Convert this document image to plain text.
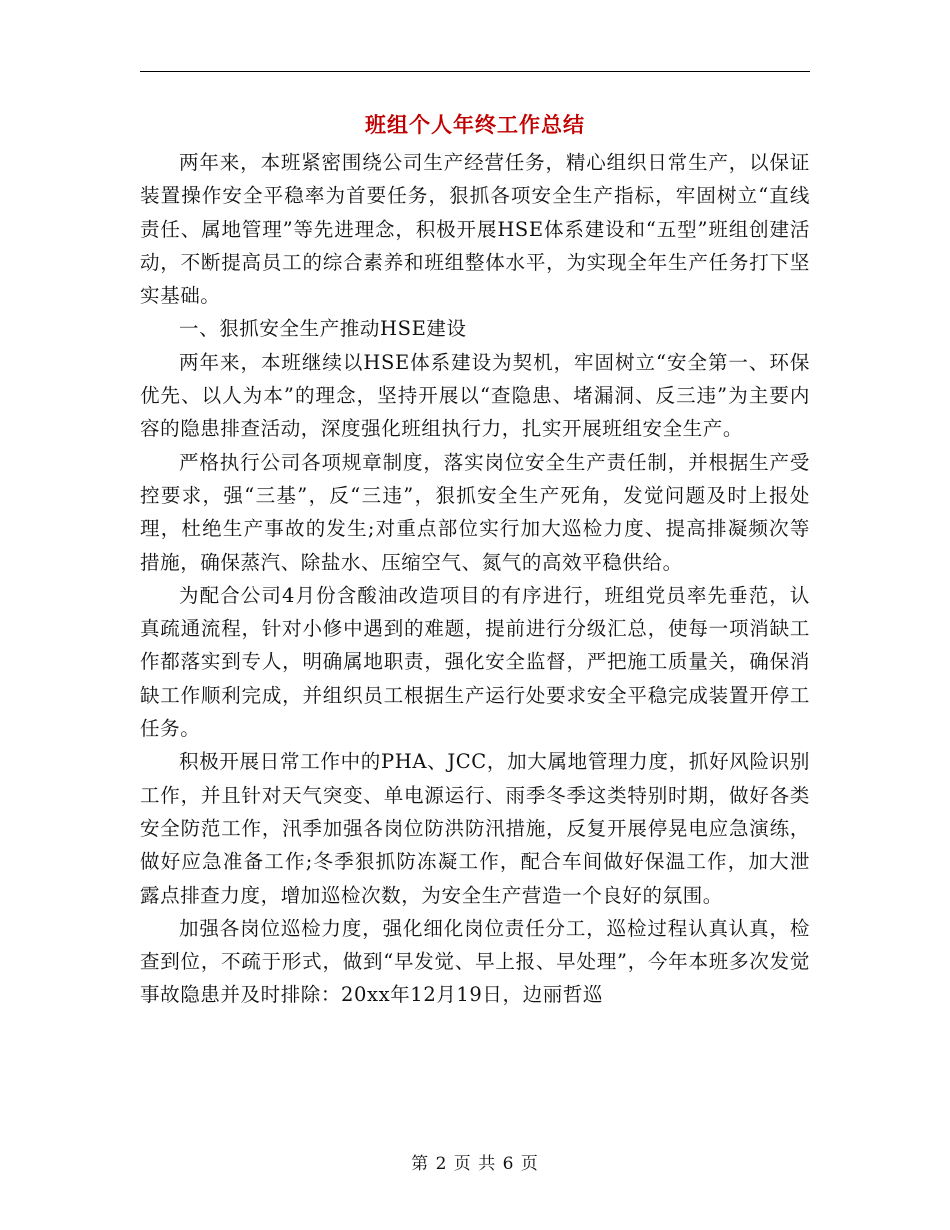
班组个人年终工作总结

两年来，本班紧密围绕公司生产经营任务，精心组织日常生产，以保证装置操作安全平稳率为首要任务，狠抓各项安全生产指标，牢固树立“直线责任、属地管理”等先进理念，积极开展HSE体系建设和“五型”班组创建活动，不断提高员工的综合素养和班组整体水平，为实现全年生产任务打下坚实基础。

一、狠抓安全生产推动HSE建设

两年来，本班继续以HSE体系建设为契机，牢固树立“安全第一、环保优先、以人为本”的理念，坚持开展以“查隐患、堵漏洞、反三违”为主要内容的隐患排查活动，深度强化班组执行力，扎实开展班组安全生产。

严格执行公司各项规章制度，落实岗位安全生产责任制，并根据生产受控要求，强“三基”，反“三违”，狠抓安全生产死角，发觉问题及时上报处理，杜绝生产事故的发生;对重点部位实行加大巡检力度、提高排凝频次等措施，确保蒸汽、除盐水、压缩空气、氮气的高效平稳供给。

为配合公司4月份含酸油改造项目的有序进行，班组党员率先垂范，认真疏通流程，针对小修中遇到的难题，提前进行分级汇总，使每一项消缺工作都落实到专人，明确属地职责，强化安全监督，严把施工质量关，确保消缺工作顺利完成，并组织员工根据生产运行处要求安全平稳完成装置开停工任务。

积极开展日常工作中的PHA、JCC，加大属地管理力度，抓好风险识别工作，并且针对天气突变、单电源运行、雨季冬季这类特别时期，做好各类安全防范工作，汛季加强各岗位防洪防汛措施，反复开展停晃电应急演练，做好应急准备工作;冬季狠抓防冻凝工作，配合车间做好保温工作，加大泄露点排查力度，增加巡检次数，为安全生产营造一个良好的氛围。

加强各岗位巡检力度，强化细化岗位责任分工，巡检过程认真认真，检查到位，不疏于形式，做到“早发觉、早上报、早处理”，今年本班多次发觉事故隐患并及时排除：20xx年12月19日，边丽哲巡

第 2 页 共 6 页
